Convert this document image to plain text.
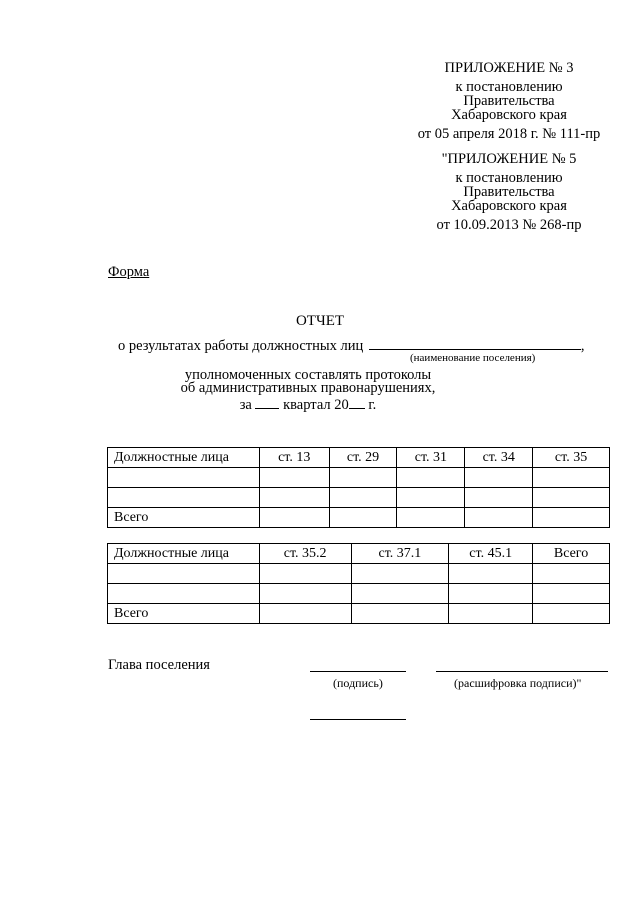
ПРИЛОЖЕНИЕ № 3
к постановлению
Правительства
Хабаровского края
от 05 апреля 2018 г. № 111-пр
"ПРИЛОЖЕНИЕ № 5
к постановлению
Правительства
Хабаровского края
от 10.09.2013 № 268-пр
Форма
ОТЧЕТ
о результатах работы должностных лиц	,
(наименование поселения)
уполномоченных составлять протоколы
об административных правонарушениях,
за квартал 20 г.
Должностные лица	ст. 13	ст. 29	ст. 31	ст. 34	ст. 35

Всего					
Должностные лица	ст. 35.2	ст. 37.1	ст. 45.1	Всего

Всего				
Глава поселения
(подпись)	(расшифровка подписи)"
